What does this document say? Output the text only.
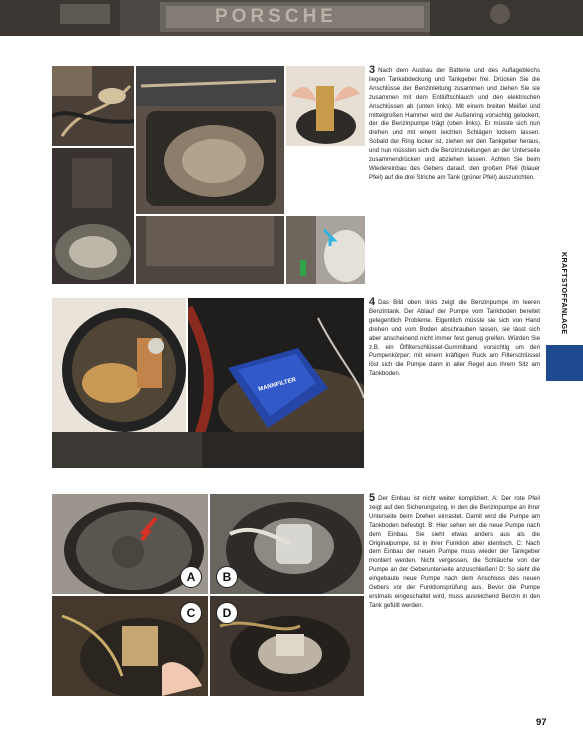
PORSCHE
3 Nach dem Ausbau der Batterie und des Auflageblechs liegen Tankabdeckung und Tankgeber frei. Drücken Sie die Anschlüsse der Benzinleitung zusammen und ziehen Sie sie zusammen mit dem Entlüftschlauch und den elektrischen Anschlüssen ab (unten links). Mit einem breiten Meißel und mittelgroßen Hammer wird der Außenring vorsichtig gelockert, der die Benzinpumpe trägt (oben links). Er müsste sich nun drehen und mit einem leichten Schlägen lockern lassen. Sobald der Ring locker ist, ziehen wir den Tankgeber heraus, und nun müssten sich die Benzinzuleitungen an der Unterseite zusammendrücken und abziehen lassen. Achten Sie beim Wiedereinbau des Gebers darauf, den großen Pfeil (blauer Pfeil) auf die drei Striche am Tank (grüner Pfeil) auszurichten.
MANNFILTER
4 Das Bild oben links zeigt die Benzinpumpe im leeren Benzintank. Der Ablauf der Pumpe vom Tankboden bereitet gelegentlich Probleme. Eigentlich müsste sie sich von Hand drehen und vom Boden abschrauben lassen, sie lässt sich aber anscheinend nicht immer fest genug greifen. Würden Sie z.B. ein Ölfilterschlüssel-Gummiband vorsichtig um den Pumpenkörper; mit einem kräftigen Ruck am Filterschlüssel löst sich die Pumpe dann in aller Regel aus ihrem Sitz am Tankboden.
A	B
C	D
5 Der Einbau ist nicht weiter kompliziert. A: Der rote Pfeil zeigt auf den Sicherungsring, in den die Benzinpumpe an ihrer Unterseite beim Drehen einrastet. Damit wird die Pumpe am Tankboden befestigt. B: Hier sehen wir die neue Pumpe nach dem Einbau. Sie sieht etwas anders aus als die Originalpumpe, ist in ihrer Funktion aber identisch. C: Nach dem Einbau der neuen Pumpe muss wieder der Tankgeber montiert werden. Nicht vergessen, die Schläuche von der Pumpe an der Geberunterseite anzuschließen! D: So sieht die eingebaute neue Pumpe nach dem Anschluss des neuen Gebers vor der Funktionsprüfung aus. Bevor die Pumpe erstmals eingeschaltet wird, muss ausreichend Benzin in den Tank gefüllt werden.
KRAFTSTOFFANLAGE
97
